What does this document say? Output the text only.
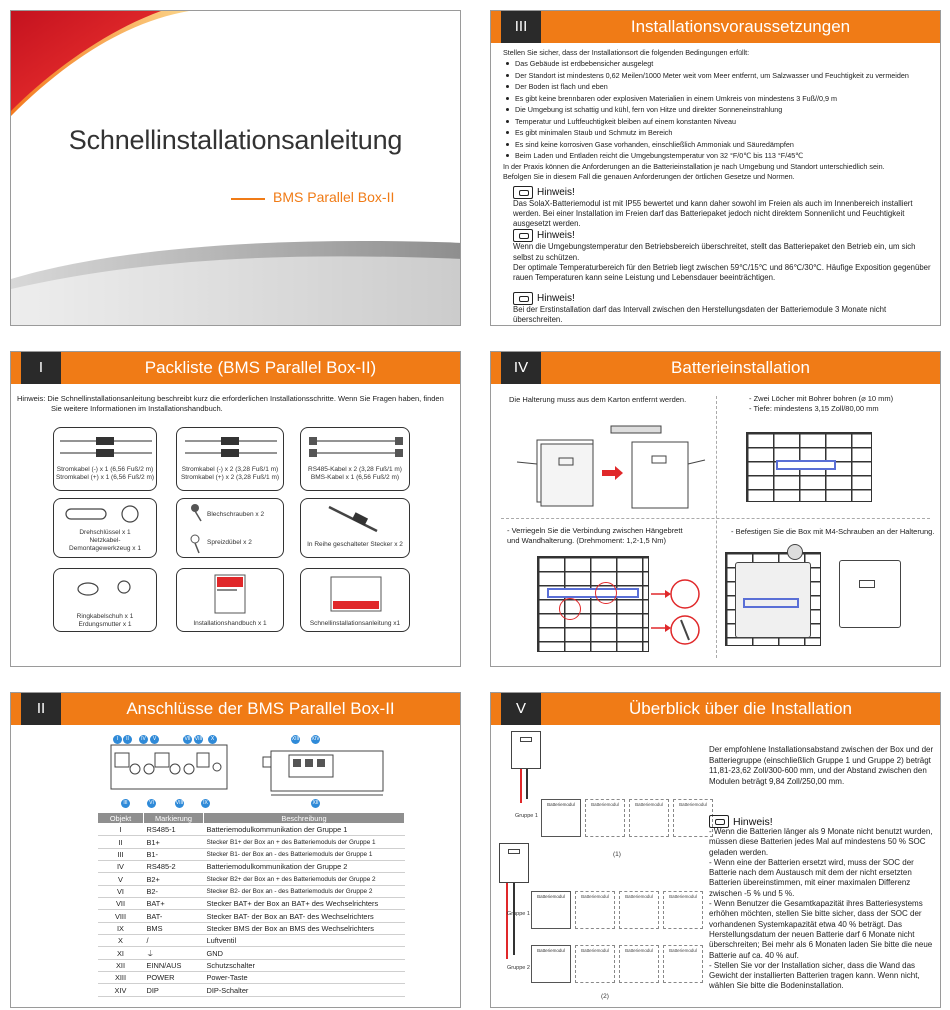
Schnellinstallationsanleitung
BMS Parallel Box-II
III	Installationsvoraussetzungen
Stellen Sie sicher, dass der Installationsort die folgenden Bedingungen erfüllt:
Das Gebäude ist erdbebensicher ausgelegt
Der Standort ist mindestens 0,62 Meilen/1000 Meter weit vom Meer entfernt, um Salzwasser und Feuchtigkeit zu vermeiden
Der Boden ist flach und eben
Es gibt keine brennbaren oder explosiven Materialien in einem Umkreis von mindestens 3 Fuß//0,9 m
Die Umgebung ist schattig und kühl, fern von Hitze und direkter Sonneneinstrahlung
Temperatur und Luftfeuchtigkeit bleiben auf einem konstanten Niveau
Es gibt minimalen Staub und Schmutz im Bereich
Es sind keine korrosiven Gase vorhanden, einschließlich Ammoniak und Säuredämpfen
Beim Laden und Entladen reicht die Umgebungstemperatur von 32 °F/0℃ bis 113 °F/45℃
In der Praxis können die Anforderungen an die Batterieinstallation je nach Umgebung und Standort unterschiedlich sein.
Befolgen Sie in diesem Fall die genauen Anforderungen der örtlichen Gesetze und Normen.
Hinweis!
Das SolaX-Batteriemodul ist mit IP55 bewertet und kann daher sowohl im Freien als auch im Innenbereich installiert werden. Bei einer Installation im Freien darf das Batteriepaket jedoch nicht direktem Sonnenlicht und Feuchtigkeit ausgesetzt werden.
Hinweis!
Wenn die Umgebungstemperatur den Betriebsbereich überschreitet, stellt das Batteriepaket den Betrieb ein, um sich selbst zu schützen.
Der optimale Temperaturbereich für den Betrieb liegt zwischen 59℃/15℃ und 86℃/30℃. Häufige Exposition gegenüber rauen Temperaturen kann seine Leistung und Lebensdauer beeinträchtigen.
Hinweis!
Bei der Erstinstallation darf das Intervall zwischen den Herstellungsdaten der Batteriemodule 3 Monate nicht überschreiten.
I	Packliste (BMS Parallel Box-II)
Hinweis: Die Schnellinstallationsanleitung beschreibt kurz die erforderlichen Installationsschritte. Wenn Sie Fragen haben, finden
Sie weitere Informationen im Installationshandbuch.
Stromkabel (-) x 1 (6,56 Fuß/2 m)
Stromkabel (+) x 1 (6,56 Fuß/2 m)
Stromkabel (-) x 2 (3,28 Fuß/1 m)
Stromkabel (+) x 2 (3,28 Fuß/1 m)
RS485-Kabel x 2 (3,28 Fuß/1 m)
BMS-Kabel x 1 (6,56 Fuß/2 m)
Drehschlüssel x 1
Netzkabel-
Demontagewerkzeug x 1
Blechschrauben x 2
Spreizdübel x 2	In Reihe geschalteter Stecker x 2
Ringkabelschuh x 1
Erdungsmutter x 1	Installationshandbuch x 1	Schnellinstallationsanleitung x1
IV	Batterieinstallation
Die Halterung muss aus dem Karton entfernt werden.	- Zwei Löcher mit Bohrer bohren (⌀ 10 mm)
- Tiefe: mindestens 3,15 Zoll/80,00 mm
- Verriegeln Sie die Verbindung zwischen Hängebrett
und Wandhalterung. (Drehmoment: 1,2-1,5 Nm)
- Befestigen Sie die Box mit M4-Schrauben an der Halterung.
II	Anschlüsse der BMS Parallel Box-II
I	II	IV	V	VII VIII	X
III	VI	VIII	IX
XIII XIV
XII
Objekt	Markierung	Beschreibung
I	RS485-1	Batteriemodulkommunikation der Gruppe 1
II	B1+	Stecker B1+ der Box an + des Batteriemoduls der Gruppe 1
III	B1-	Stecker B1- der Box an - des Batteriemoduls der Gruppe 1
IV	RS485-2	Batteriemodulkommunikation der Gruppe 2
V	B2+	Stecker B2+ der Box an + des Batteriemoduls der Gruppe 2
VI	B2-	Stecker B2- der Box an - des Batteriemoduls der Gruppe 2
VII	BAT+	Stecker BAT+ der Box an BAT+ des Wechselrichters
VIII	BAT-	Stecker BAT- der Box an BAT- des Wechselrichters
IX	BMS	Stecker BMS der Box an BMS des Wechselrichters
X	/	Luftventil
XI	⏚	GND
XII	EINN/AUS	Schutzschalter
XIII	POWER	Power-Taste
XIV	DIP	DIP-Schalter
V	Überblick über die Installation
Gruppe 1
Batteriemodul	Batteriemodul	Batteriemodul	Batteriemodul
(1)
Gruppe 1
Batteriemodul	Batteriemodul	Batteriemodul	Batteriemodul
Gruppe 2
Batteriemodul	Batteriemodul	Batteriemodul	Batteriemodul
(2)
Der empfohlene Installationsabstand zwischen der Box und der Batteriegruppe (einschließlich Gruppe 1 und Gruppe 2) beträgt 11,81-23,62 Zoll/300-600 mm, und der Abstand zwischen den Modulen beträgt 9,84 Zoll/250,00 mm.
Hinweis!
- Wenn die Batterien länger als 9 Monate nicht benutzt wurden, müssen diese Batterien jedes Mal auf mindestens 50 % SOC geladen werden.
- Wenn eine der Batterien ersetzt wird, muss der SOC der Batterie nach dem Austausch mit dem der nicht ersetzten Batterien übereinstimmen, mit einer maximalen Differenz zwischen -5 % und 5 %.
- Wenn Benutzer die Gesamtkapazität ihres Batteriesystems erhöhen möchten, stellen Sie bitte sicher, dass der SOC der vorhandenen Systemkapazität etwa 40 % beträgt. Das Herstellungsdatum der neuen Batterie darf 6 Monate nicht überschreiten; Bei mehr als 6 Monaten laden Sie bitte die neue Batterie auf ca. 40 % auf.
- Stellen Sie vor der Installation sicher, dass die Wand das Gewicht der installierten Batterien tragen kann. Wenn nicht, wählen Sie bitte die Bodeninstallation.
